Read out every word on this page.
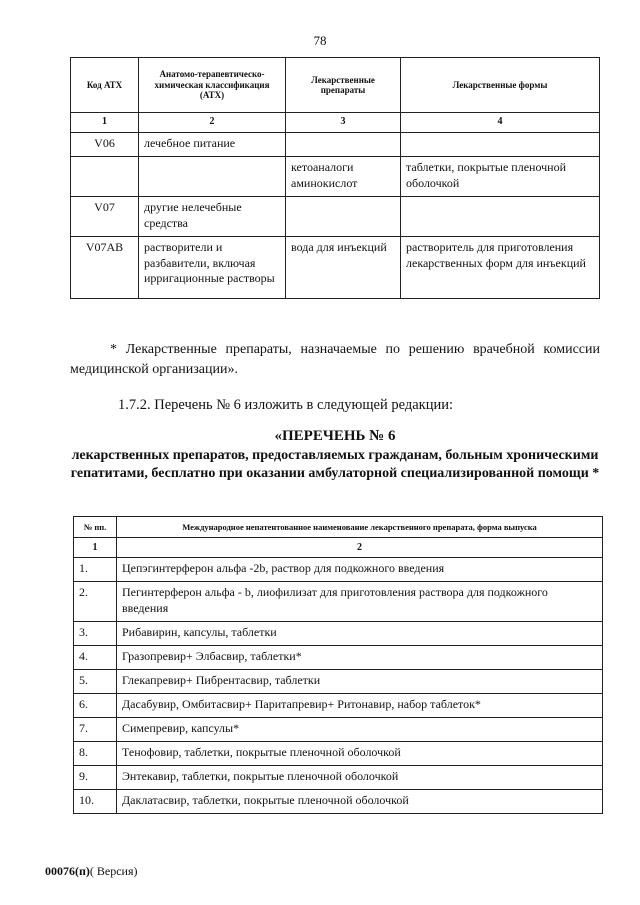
78
Код АТХ	Анатомо-терапевтическо-химическая классификация (АТХ)	Лекарственные препараты	Лекарственные формы
1	2	3	4
V06	лечебное питание		
		кетоаналоги аминокислот	таблетки, покрытые пленочной оболочкой
V07	другие нелечебные средства		
V07AB	растворители и разбавители, включая ирригационные растворы	вода для инъекций	растворитель для приготовления лекарственных форм для инъекций
* Лекарственные препараты, назначаемые по решению врачебной комиссии медицинской организации».
1.7.2. Перечень № 6 изложить в следующей редакции:
«ПЕРЕЧЕНЬ № 6
лекарственных препаратов, предоставляемых гражданам, больным хроническими гепатитами, бесплатно при оказании амбулаторной специализированной помощи *
№ пп.	Международное непатентованное наименование лекарственного препарата, форма выпуска
1	2
1.	Цепэгинтерферон альфа -2b, раствор для подкожного введения
2.	Пегинтерферон альфа - b, лиофилизат для приготовления раствора для подкожного введения
3.	Рибавирин, капсулы, таблетки
4.	Гразопревир+ Элбасвир, таблетки*
5.	Глекапревир+ Пибрентасвир, таблетки
6.	Дасабувир, Омбитасвир+ Паритапревир+ Ритонавир, набор таблеток*
7.	Симепревир, капсулы*
8.	Тенофовир, таблетки, покрытые пленочной оболочкой
9.	Энтекавир, таблетки, покрытые пленочной оболочкой
10.	Даклатасвир, таблетки, покрытые пленочной оболочкой
00076(п)( Версия)
